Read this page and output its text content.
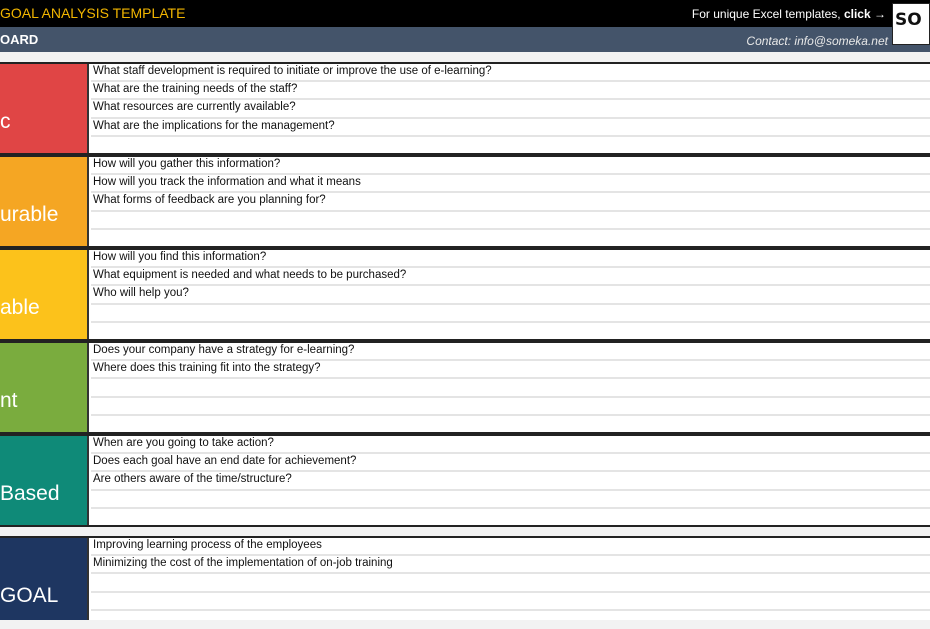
GOAL ANALYSIS TEMPLATE	For unique Excel templates, click →
OARD	Contact: info@someka.net
SO
c
What staff development is required to initiate or improve the use of e-learning?
What are the training needs of the staff?
What resources are currently available?
What are the implications for the management?
urable
How will you gather this information?
How will you track the information and what it means
What forms of feedback are you planning for?
able
How will you find this information?
What equipment is needed and what needs to be purchased?
Who will help you?
nt
Does your company have a strategy for e-learning?
Where does this training fit into the strategy?
Based
When are you going to take action?
Does each goal have an end date for achievement?
Are others aware of the time/structure?
GOAL
Improving learning process of the employees
Minimizing the cost of the implementation of on-job training
